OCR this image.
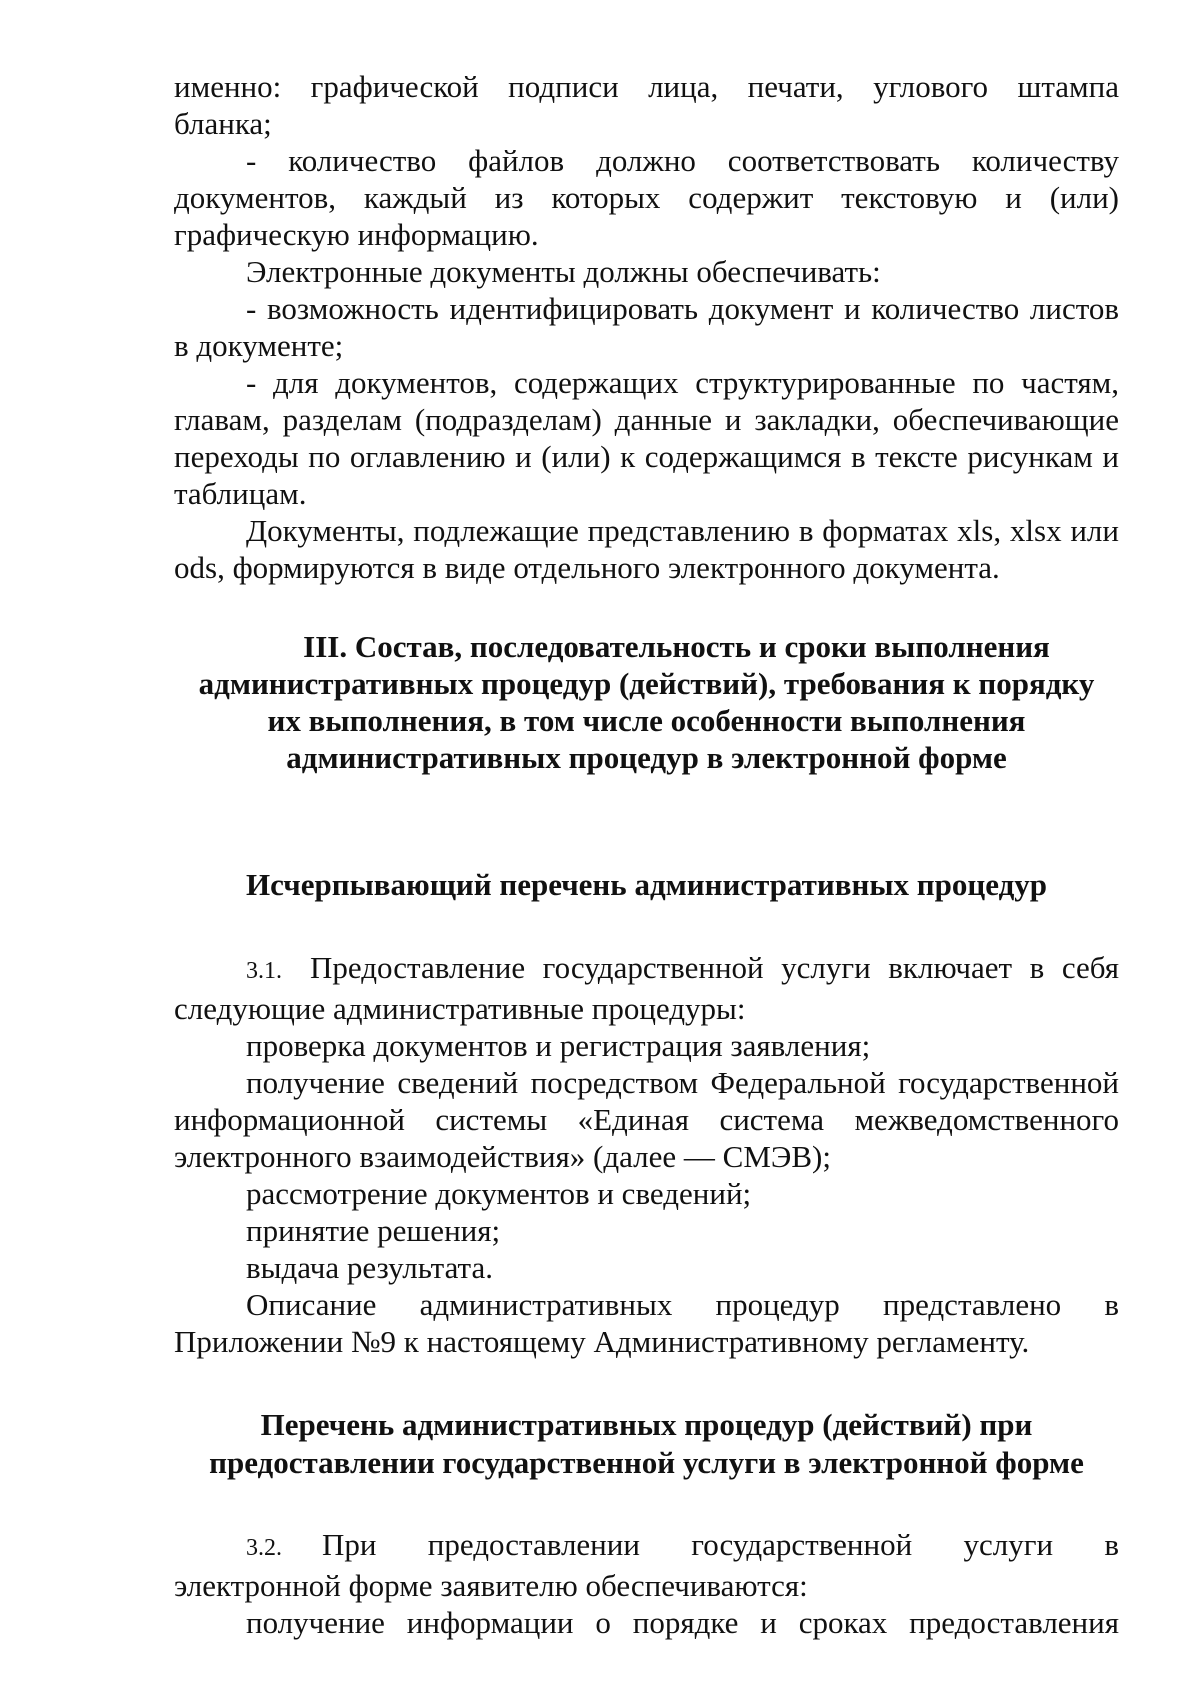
именно: графической подписи лица, печати, углового штампа

бланка;

- количество файлов должно соответствовать количеству документов, каждый из которых содержит текстовую и (или) графическую информацию.

Электронные документы должны обеспечивать:

- возможность идентифицировать документ и количество листов в документе;

- для документов, содержащих структурированные по частям, главам, разделам (подразделам) данные и закладки, обеспечивающие переходы по оглавлению и (или) к содержащимся в тексте рисункам и таблицам.

Документы, подлежащие представлению в форматах xls, xlsx или ods, формируются в виде отдельного электронного документа.

III. Состав, последовательность и сроки выполнения
административных процедур (действий), требования к порядку
их выполнения, в том числе особенности выполнения
административных процедур в электронной форме
Исчерпывающий перечень административных процедур

3.1. Предоставление государственной услуги включает в себя следующие административные процедуры:

проверка документов и регистрация заявления;

получение сведений посредством Федеральной государственной информационной системы «Единая система межведомственного электронного взаимодействия» (далее — СМЭВ);

рассмотрение документов и сведений;

принятие решения;

выдача результата.

Описание административных процедур представлено в Приложении №9 к настоящему Административному регламенту.

Перечень административных процедур (действий) при
предоставлении государственной услуги в электронной форме

3.2. При предоставлении государственной услуги в электронной форме заявителю обеспечиваются:

получение информации о порядке и сроках предоставления
